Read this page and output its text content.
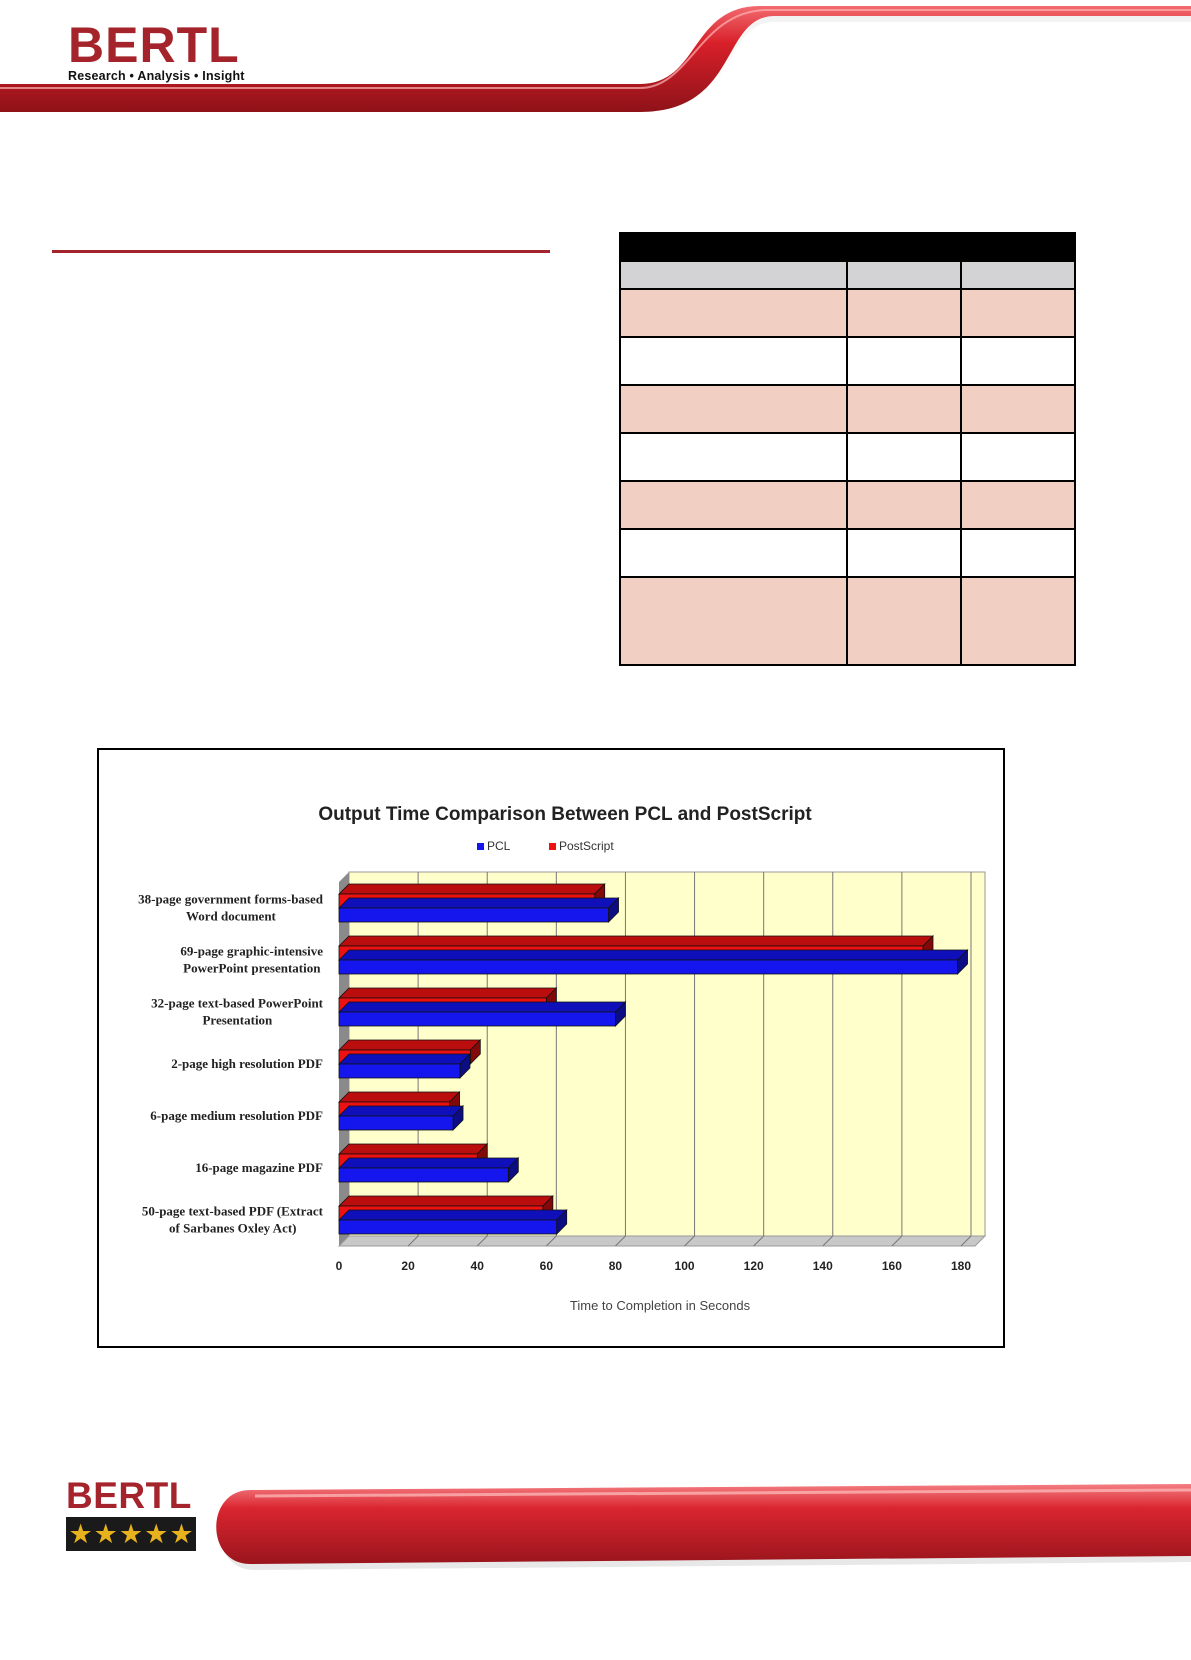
BERTL
Research • Analysis • Insight

Output Time Comparison Between PCL and PostScript
PCL	PostScript
0	20	40	60	80	100	120	140	160	180
Time to Completion in Seconds
38-page government forms-based
Word document
69-page graphic-intensive
PowerPoint presentation
32-page text-based PowerPoint
Presentation
2-page high resolution PDF
6-page medium resolution PDF
16-page magazine PDF
50-page text-based PDF (Extract
of Sarbanes Oxley Act)
BERTL
★ ★ ★ ★ ★
